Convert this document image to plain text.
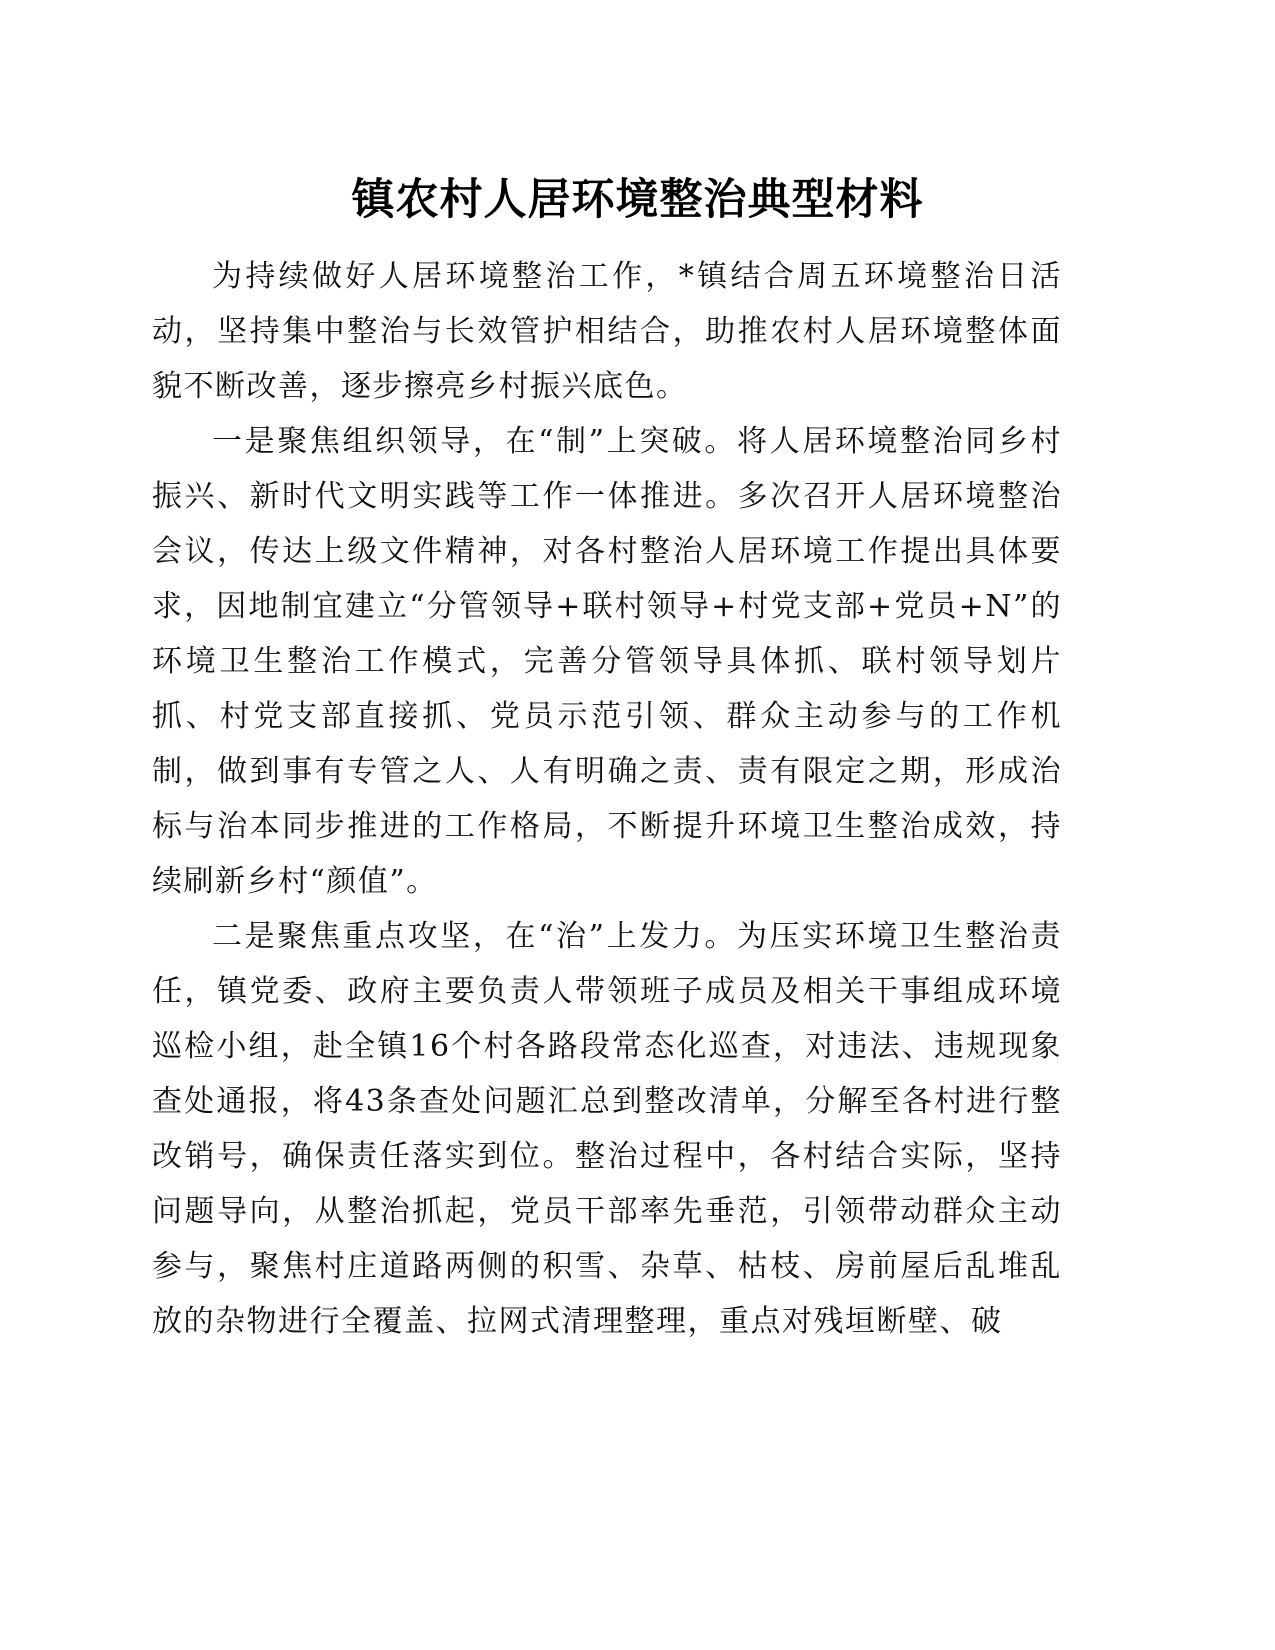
镇农村人居环境整治典型材料

为持续做好人居环境整治工作，*镇结合周五环境整治日活动，坚持集中整治与长效管护相结合，助推农村人居环境整体面貌不断改善，逐步擦亮乡村振兴底色。

一是聚焦组织领导，在“制”上突破。将人居环境整治同乡村振兴、新时代文明实践等工作一体推进。多次召开人居环境整治会议，传达上级文件精神，对各村整治人居环境工作提出具体要求，因地制宜建立“分管领导+联村领导+村党支部+党员+N”的环境卫生整治工作模式，完善分管领导具体抓、联村领导划片抓、村党支部直接抓、党员示范引领、群众主动参与的工作机制，做到事有专管之人、人有明确之责、责有限定之期，形成治标与治本同步推进的工作格局，不断提升环境卫生整治成效，持续刷新乡村“颜值”。

二是聚焦重点攻坚，在“治”上发力。为压实环境卫生整治责任，镇党委、政府主要负责人带领班子成员及相关干事组成环境巡检小组，赴全镇16个村各路段常态化巡查，对违法、违规现象查处通报，将43条查处问题汇总到整改清单，分解至各村进行整改销号，确保责任落实到位。整治过程中，各村结合实际，坚持问题导向，从整治抓起，党员干部率先垂范，引领带动群众主动参与，聚焦村庄道路两侧的积雪、杂草、枯枝、房前屋后乱堆乱放的杂物进行全覆盖、拉网式清理整理，重点对残垣断壁、破
